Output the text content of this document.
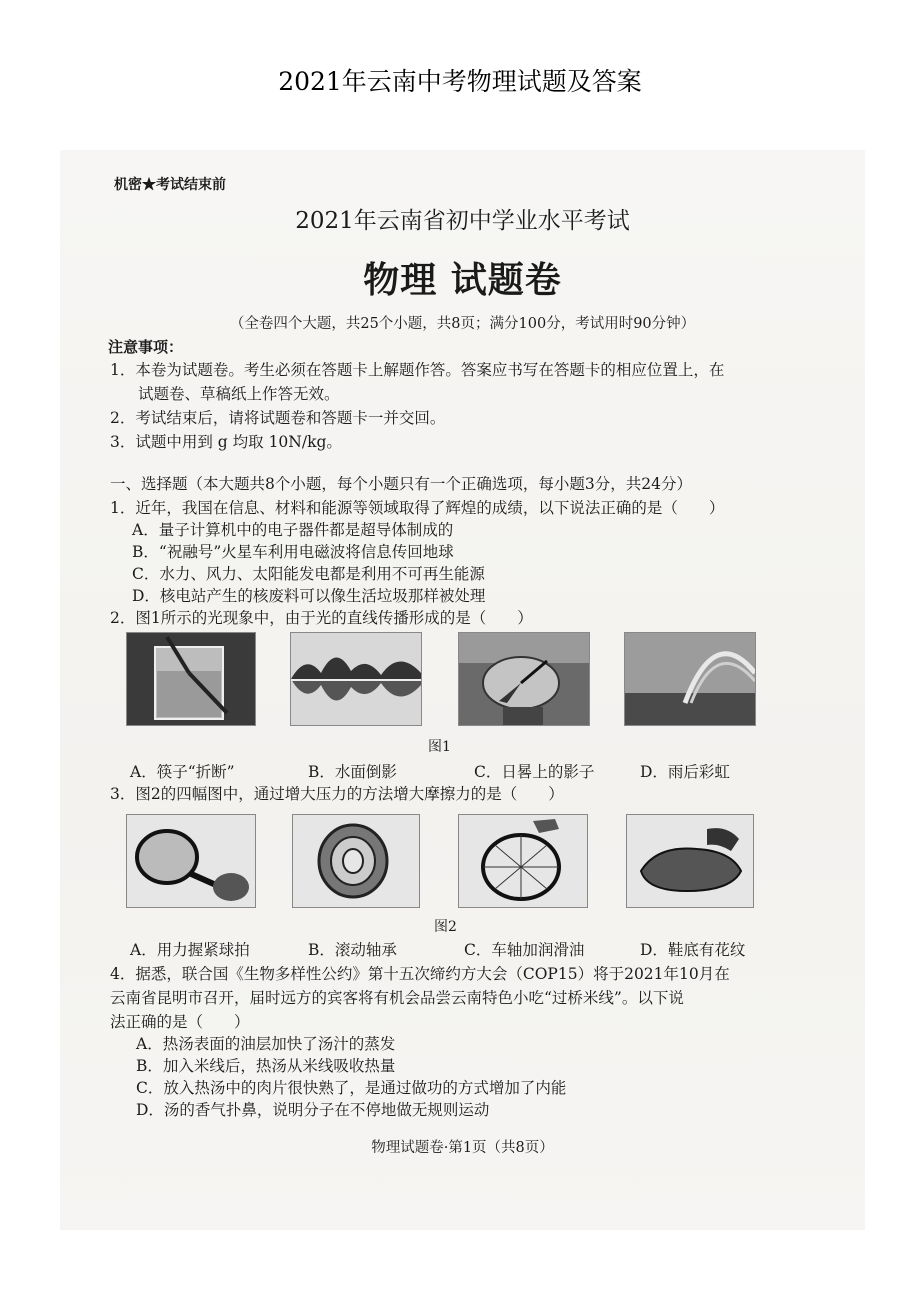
2021年云南中考物理试题及答案
机密★考试结束前
2021年云南省初中学业水平考试
物理 试题卷
（全卷四个大题，共25个小题，共8页；满分100分，考试用时90分钟）
注意事项：
1．本卷为试题卷。考生必须在答题卡上解题作答。答案应书写在答题卡的相应位置上，在
试题卷、草稿纸上作答无效。
2．考试结束后，请将试题卷和答题卡一并交回。
3．试题中用到 g 均取 10N/kg。
一、选择题（本大题共8个小题，每个小题只有一个正确选项，每小题3分，共24分）
1．近年，我国在信息、材料和能源等领域取得了辉煌的成绩，以下说法正确的是（　　）
A．量子计算机中的电子器件都是超导体制成的
B．“祝融号”火星车利用电磁波将信息传回地球
C．水力、风力、太阳能发电都是利用不可再生能源
D．核电站产生的核废料可以像生活垃圾那样被处理
2．图1所示的光现象中，由于光的直线传播形成的是（　　）
图1
A．筷子“折断”	B．水面倒影	C．日晷上的影子	D．雨后彩虹
3．图2的四幅图中，通过增大压力的方法增大摩擦力的是（　　）
图2
A．用力握紧球拍	B．滚动轴承	C．车轴加润滑油	D．鞋底有花纹
4．据悉，联合国《生物多样性公约》第十五次缔约方大会（COP15）将于2021年10月在
云南省昆明市召开，届时远方的宾客将有机会品尝云南特色小吃“过桥米线”。以下说
法正确的是（　　）
A．热汤表面的油层加快了汤汁的蒸发
B．加入米线后，热汤从米线吸收热量
C．放入热汤中的肉片很快熟了，是通过做功的方式增加了内能
D．汤的香气扑鼻，说明分子在不停地做无规则运动
物理试题卷·第1页（共8页）
